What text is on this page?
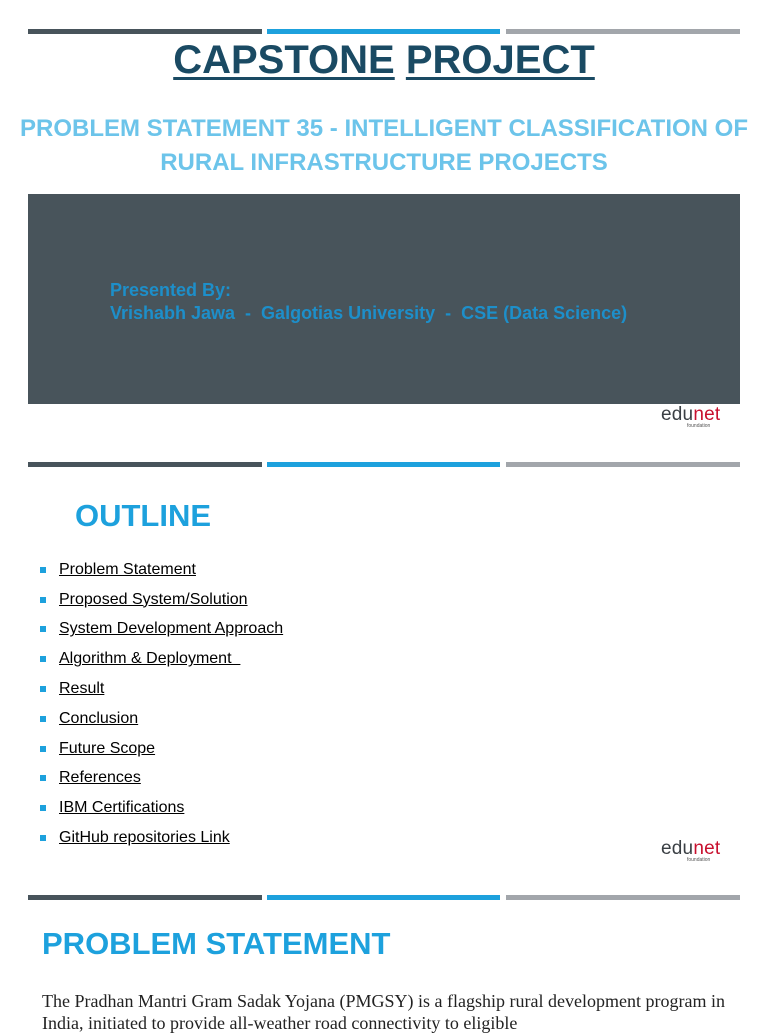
CAPSTONE PROJECT
PROBLEM STATEMENT 35 - INTELLIGENT CLASSIFICATION OF
RURAL INFRASTRUCTURE PROJECTS
Presented By:
Vrishabh Jawa  -  Galgotias University  -  CSE (Data Science)
edunet
foundation
OUTLINE
Problem Statement
Proposed System/Solution
System Development Approach
Algorithm & Deployment
Result
Conclusion
Future Scope
References
IBM Certifications
GitHub repositories Link
edunet
foundation
PROBLEM STATEMENT

The Pradhan Mantri Gram Sadak Yojana (PMGSY) is a flagship rural development program in India, initiated to provide all-weather road connectivity to eligible
